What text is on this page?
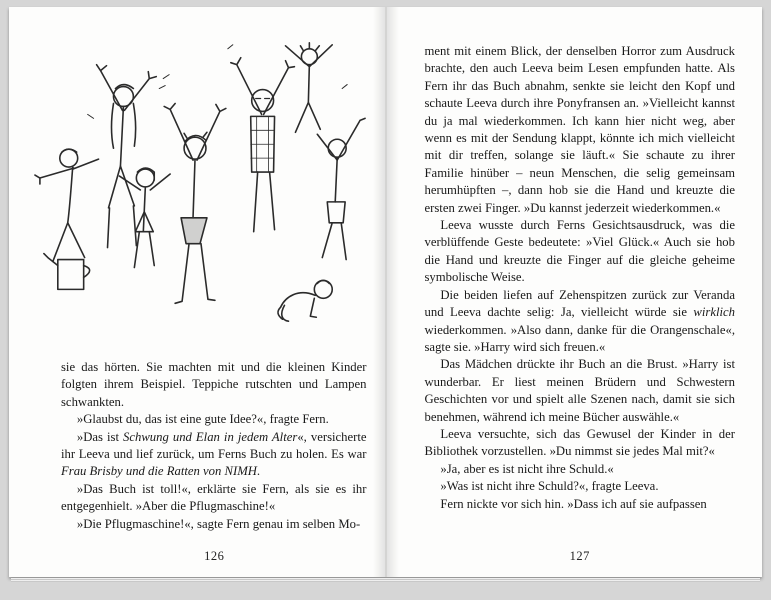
sie das hörten. Sie machten mit und die kleinen Kinder folgten ihrem Beispiel. Teppiche rutschten und Lampen schwankten.

»Glaubst du, das ist eine gute Idee?«, fragte Fern.

»Das ist Schwung und Elan in jedem Alter«, versicherte ihr Leeva und lief zurück, um Ferns Buch zu holen. Es war Frau Brisby und die Ratten von NIMH.

»Das Buch ist toll!«, erklärte sie Fern, als sie es ihr entgegenhielt. »Aber die Pflugmaschine!«

»Die Pflugmaschine!«, sagte Fern genau im selben Mo-

126

ment mit einem Blick, der denselben Horror zum Ausdruck brachte, den auch Leeva beim Lesen empfunden hatte. Als Fern ihr das Buch abnahm, senkte sie leicht den Kopf und schaute Leeva durch ihre Ponyfransen an. »Vielleicht kannst du ja mal wiederkommen. Ich kann hier nicht weg, aber wenn es mit der Sendung klappt, könnte ich mich vielleicht mit dir treffen, solange sie läuft.« Sie schaute zu ihrer Familie hinüber – neun Menschen, die selig gemeinsam herumhüpften –, dann hob sie die Hand und kreuzte die ersten zwei Finger. »Du kannst jederzeit wiederkommen.«

Leeva wusste durch Ferns Gesichtsausdruck, was die verblüffende Geste bedeutete: »Viel Glück.« Auch sie hob die Hand und kreuzte die Finger auf die gleiche geheime symbolische Weise.

Die beiden liefen auf Zehenspitzen zurück zur Veranda und Leeva dachte selig: Ja, vielleicht würde sie wirklich wiederkommen. »Also dann, danke für die Orangenschale«, sagte sie. »Harry wird sich freuen.«

Das Mädchen drückte ihr Buch an die Brust. »Harry ist wunderbar. Er liest meinen Brüdern und Schwestern Geschichten vor und spielt alle Szenen nach, damit sie sich benehmen, während ich meine Bücher auswähle.«

Leeva versuchte, sich das Gewusel der Kinder in der Bibliothek vorzustellen. »Du nimmst sie jedes Mal mit?«

»Ja, aber es ist nicht ihre Schuld.«

»Was ist nicht ihre Schuld?«, fragte Leeva.

Fern nickte vor sich hin. »Dass ich auf sie aufpassen

127
